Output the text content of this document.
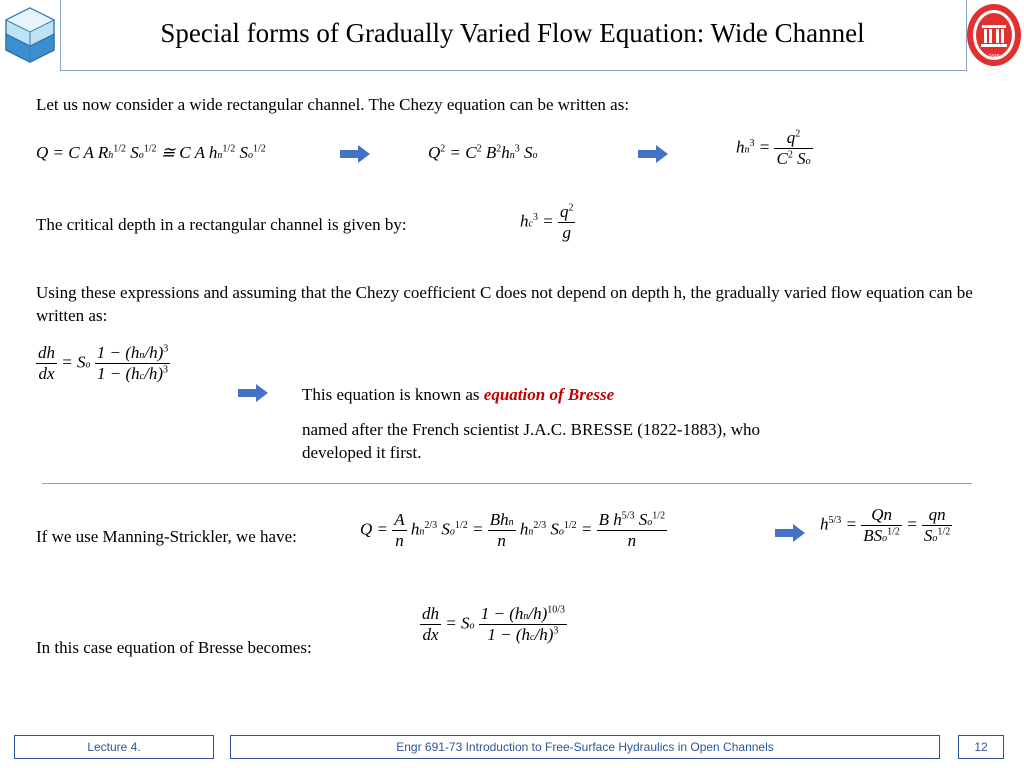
Special forms of Gradually Varied Flow Equation: Wide Channel
1848
Let us now consider a wide rectangular channel. The Chezy equation can be written as:
Q = C A $Rh^{1/2}$ $So^{1/2}$ ≅ C A $hn^{1/2}$ $So^{1/2}$	$Q^2 = C^2$ $B^2hn^3$ So	$hn^3 = \frac{q^2}{C^2 So}$
The critical depth in a rectangular channel is given by:	$hc^3 = \frac{q^2}{g}$
Using these expressions and assuming that the Chezy coefficient C does not depend on depth h, the gradually varied flow equation can be written as:
$\frac{dh}{dx} = So \frac{1 - (hn/h)^3}{1 - (hc/h)^3}$
This equation is known as equation of Bresse
named after the French scientist J.A.C. BRESSE (1822-1883), who developed it first.
If we use Manning-Strickler, we have:	$Q = \frac{A}{n} hn^{2/3}$ $So^{1/2} = \frac{\text{Bhn}}{n} hn^{2/3}$ $So^{1/2} = \frac{B h^{5/3} So^{1/2}}{n}$	$h^{5/3} = \frac{Qn}{BSo^{1/2}} = \frac{qn}{So^{1/2}}$
In this case equation of Bresse becomes:
$\frac{dh}{dx} = So \frac{1 - (hn/h)^{10/3}}{1 - (hc/h)^3}$
Lecture 4.	Engr 691-73 Introduction to Free-Surface Hydraulics in Open Channels	12
